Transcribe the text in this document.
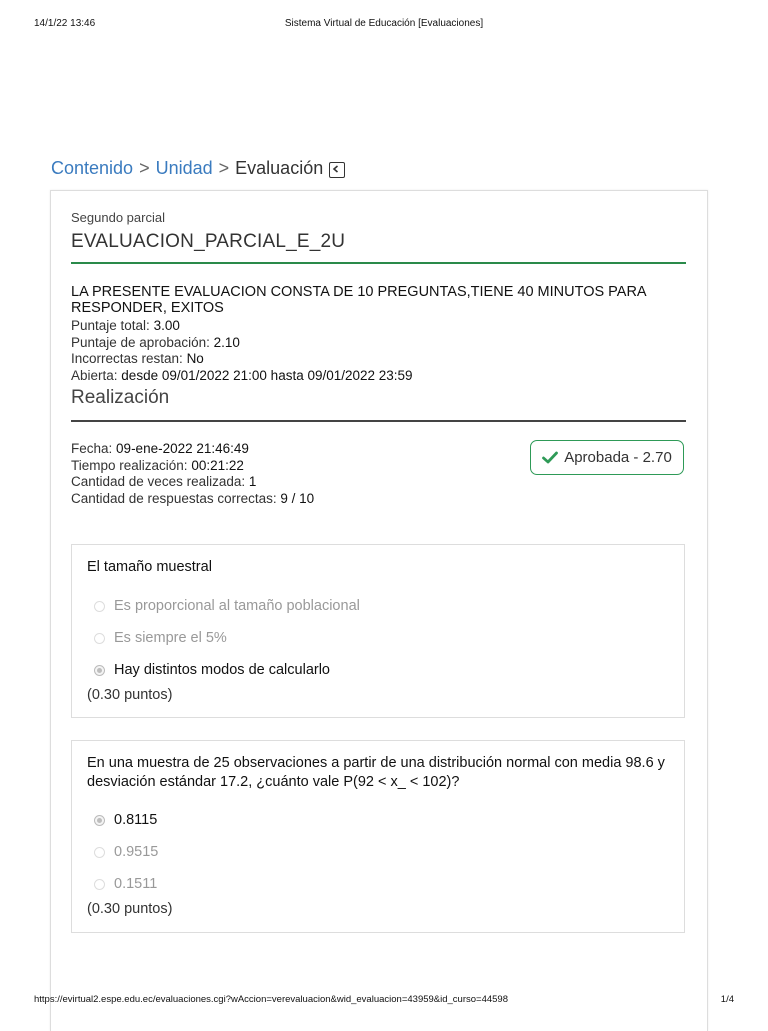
14/1/22 13:46	Sistema Virtual de Educación [Evaluaciones]
Contenido > Unidad > Evaluación
Segundo parcial
EVALUACION_PARCIAL_E_2U
LA PRESENTE EVALUACION CONSTA DE 10 PREGUNTAS,TIENE 40 MINUTOS PARA RESPONDER, EXITOS
Puntaje total: 3.00
Puntaje de aprobación: 2.10
Incorrectas restan: No
Abierta: desde 09/01/2022 21:00 hasta 09/01/2022 23:59
Realización
Fecha: 09-ene-2022 21:46:49
Tiempo realización: 00:21:22
Cantidad de veces realizada: 1
Cantidad de respuestas correctas: 9 / 10
Aprobada - 2.70
El tamaño muestral
Es proporcional al tamaño poblacional
Es siempre el 5%
Hay distintos modos de calcularlo
(0.30 puntos)
En una muestra de 25 observaciones a partir de una distribución normal con media 98.6 y desviación estándar 17.2, ¿cuánto vale P(92 < x_ < 102)?
0.8115
0.9515
0.1511
(0.30 puntos)
https://evirtual2.espe.edu.ec/evaluaciones.cgi?wAccion=verevaluacion&wid_evaluacion=43959&id_curso=44598	1/4
